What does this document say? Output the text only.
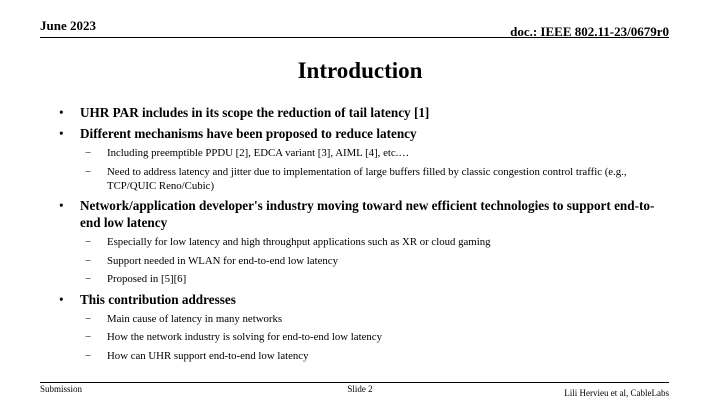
June 2023	doc.: IEEE 802.11-23/0679r0
Introduction
• UHR PAR includes in its scope the reduction of tail latency [1]
• Different mechanisms have been proposed to reduce latency
− Including preemptible PPDU [2], EDCA variant [3], AIML [4], etc.…
− Need to address latency and jitter due to implementation of large buffers filled by classic congestion control traffic (e.g., TCP/QUIC Reno/Cubic)
• Network/application developer's industry moving toward new efficient technologies to support end-to-end low latency
− Especially for low latency and high throughput applications such as XR or cloud gaming
− Support needed in WLAN for end-to-end low latency
− Proposed in [5][6]
• This contribution addresses
− Main cause of latency in many networks
− How the network industry is solving for end-to-end low latency
− How can UHR support end-to-end low latency
Submission	Slide 2	Lili Hervieu et al, CableLabs
